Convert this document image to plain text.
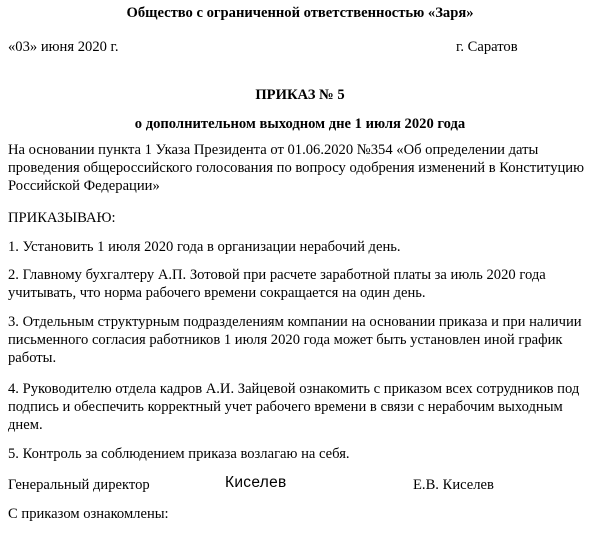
Общество с ограниченной ответственностью «Заря»
«03» июня 2020 г.	г. Саратов
ПРИКАЗ № 5
о дополнительном выходном дне 1 июля 2020 года

На основании пункта 1 Указа Президента от 01.06.2020 №354 «Об определении даты проведения общероссийского голосования по вопросу одобрения изменений в Конституцию Российской Федерации»

ПРИКАЗЫВАЮ:

1. Установить 1 июля 2020 года в организации нерабочий день.

2. Главному бухгалтеру А.П. Зотовой при расчете заработной платы за июль 2020 года учитывать, что норма рабочего времени сокращается на один день.

3. Отдельным структурным подразделениям компании на основании приказа и при наличии письменного согласия работников 1 июля 2020 года может быть установлен иной график работы.

4. Руководителю отдела кадров А.И. Зайцевой ознакомить с приказом всех сотрудников под подпись и обеспечить корректный учет рабочего времени в связи с нерабочим выходным днем.

5. Контроль за соблюдением приказа возлагаю на себя.

Генеральный директор	Киселев	Е.В. Киселев
С приказом ознакомлены:
